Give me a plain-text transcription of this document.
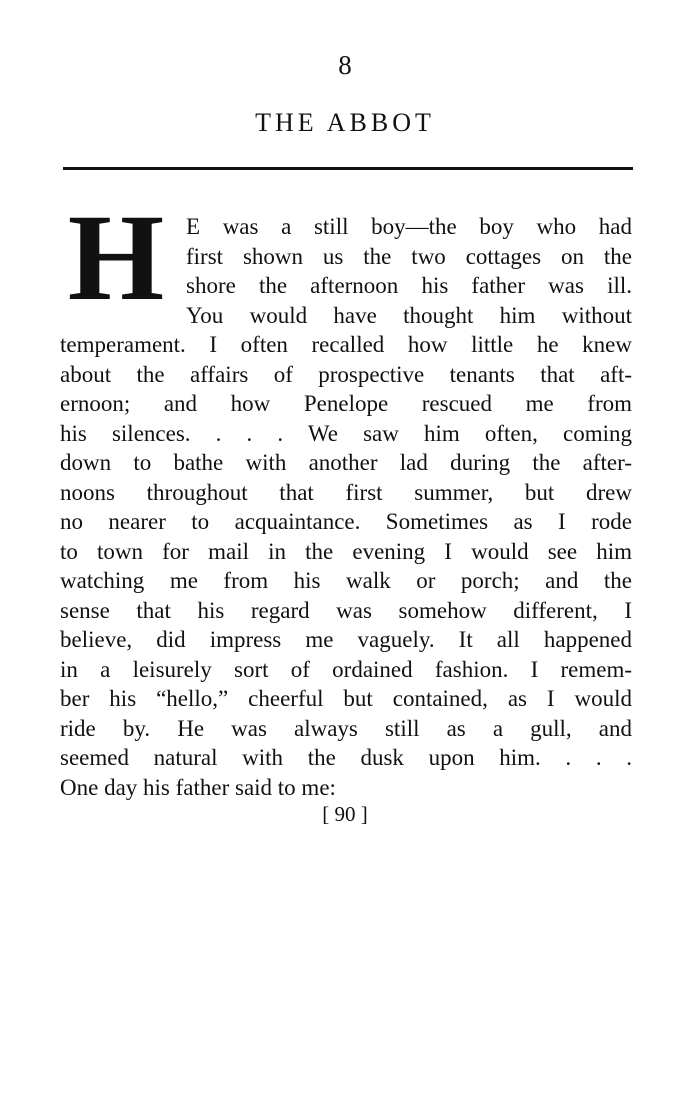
8
THE ABBOT
H E was a still boy—the boy who had
first shown us the two cottages on the
shore the afternoon his father was ill.
You would have thought him without
temperament. I often recalled how little he knew
about the affairs of prospective tenants that aft-
ernoon; and how Penelope rescued me from
his silences. . . . We saw him often, coming
down to bathe with another lad during the after-
noons throughout that first summer, but drew
no nearer to acquaintance. Sometimes as I rode
to town for mail in the evening I would see him
watching me from his walk or porch; and the
sense that his regard was somehow different, I
believe, did impress me vaguely. It all happened
in a leisurely sort of ordained fashion. I remem-
ber his “hello,” cheerful but contained, as I would
ride by. He was always still as a gull, and
seemed natural with the dusk upon him. . . .
One day his father said to me:
[ 90 ]
